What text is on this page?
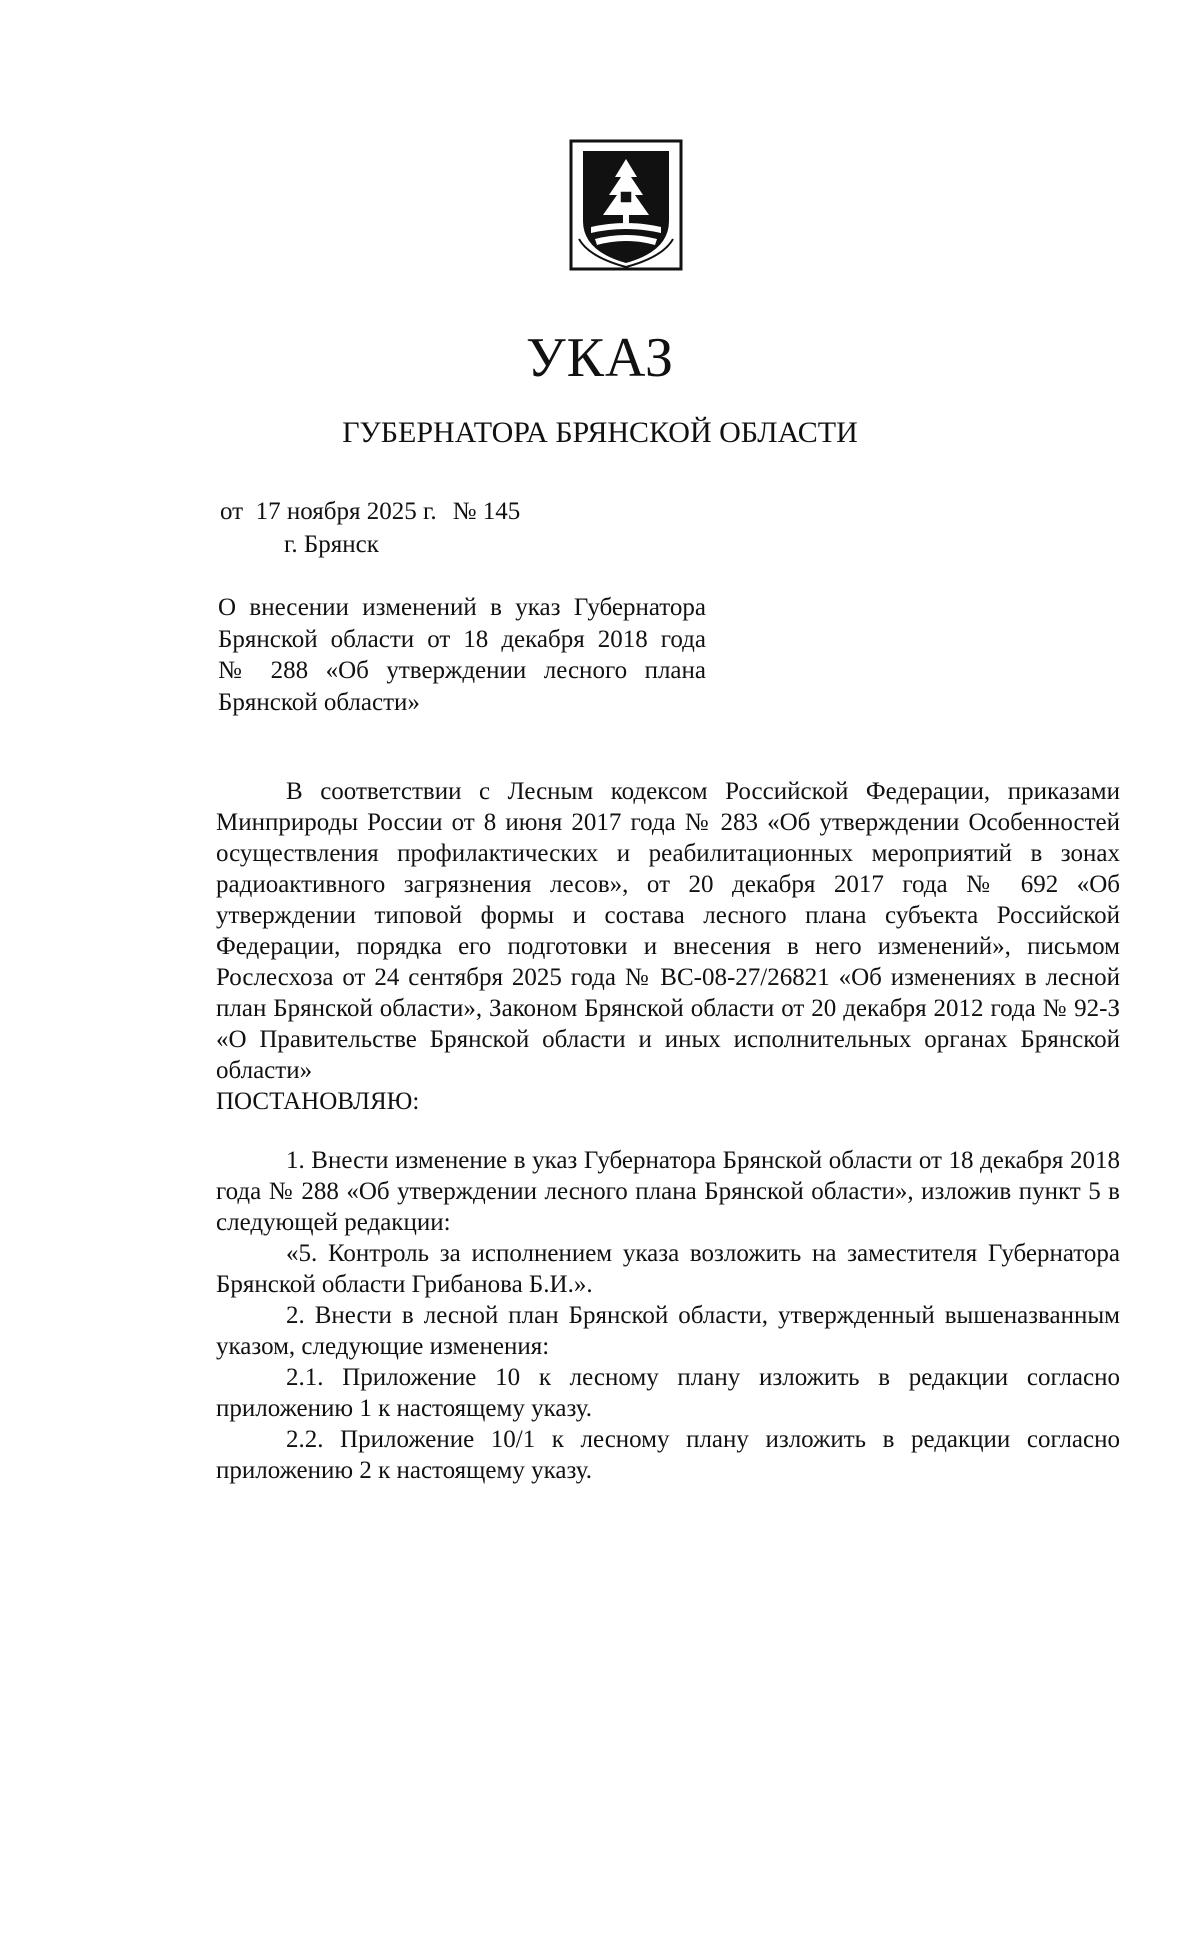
УКАЗ
ГУБЕРНАТОРА БРЯНСКОЙ ОБЛАСТИ
от  17 ноября 2025 г. № 145
г. Брянск

О внесении изменений в указ Губернатора

Брянской области от 18 декабря 2018 года

№ 288 «Об утверждении лесного плана

Брянской области»

В соответствии с Лесным кодексом Российской Федерации, приказами Минприроды России от 8 июня 2017 года № 283 «Об утверждении Особенностей осуществления профилактических и реабилитационных мероприятий в зонах радиоактивного загрязнения лесов», от 20 декабря 2017 года № 692 «Об утверждении типовой формы и состава лесного плана субъекта Российской Федерации, порядка его подготовки и внесения в него изменений», письмом Рослесхоза от 24 сентября 2025 года № ВС-08-27/26821 «Об изменениях в лесной план Брянской области», Законом Брянской области от 20 декабря 2012 года № 92-З «О Правительстве Брянской области и иных исполнительных органах Брянской области»

ПОСТАНОВЛЯЮ:

1. Внести изменение в указ Губернатора Брянской области от 18 декабря 2018 года № 288 «Об утверждении лесного плана Брянской области», изложив пункт 5 в следующей редакции:

«5. Контроль за исполнением указа возложить на заместителя Губернатора Брянской области Грибанова Б.И.».

2. Внести в лесной план Брянской области, утвержденный вышеназванным указом, следующие изменения:

2.1. Приложение 10 к лесному плану изложить в редакции согласно приложению 1 к настоящему указу.

2.2. Приложение 10/1 к лесному плану изложить в редакции согласно приложению 2 к настоящему указу.
